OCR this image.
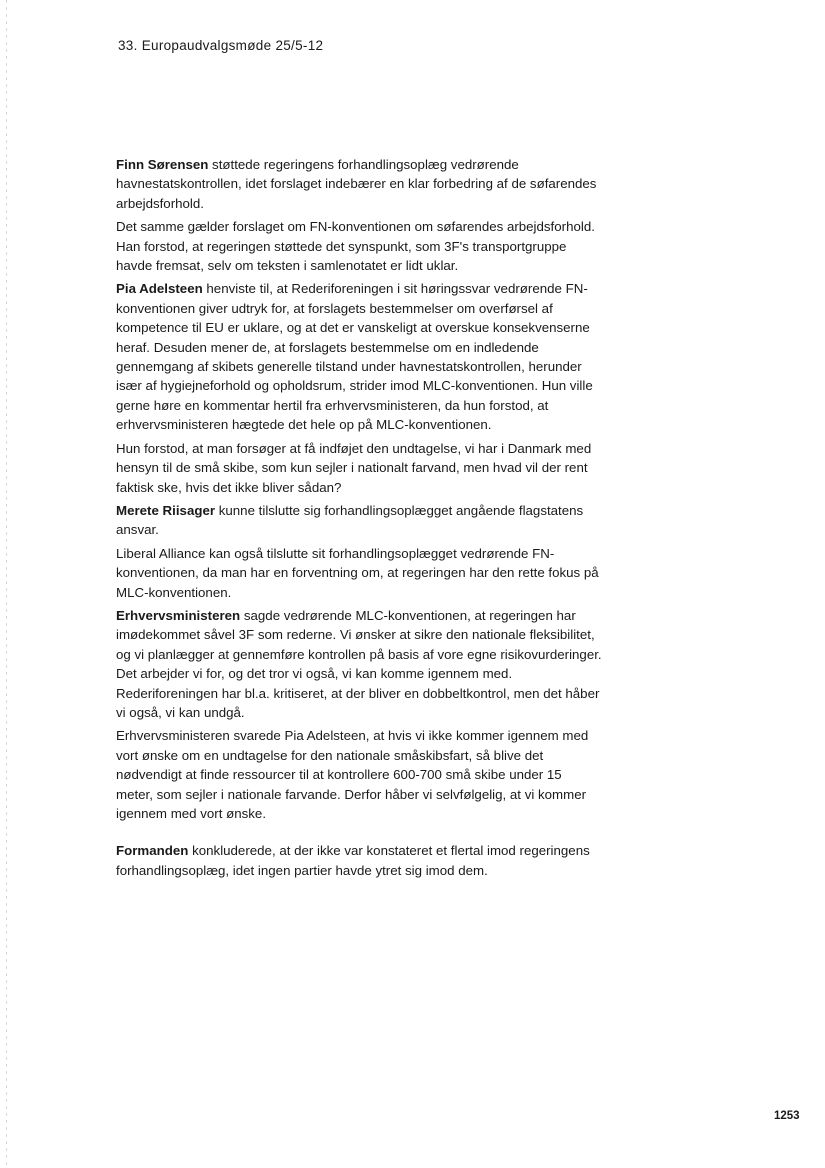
33. Europaudvalgsmøde 25/5-12

Finn Sørensen støttede regeringens forhandlingsoplæg vedrørende havnestatskontrollen, idet forslaget indebærer en klar forbedring af de søfarendes arbejdsforhold.

Det samme gælder forslaget om FN-konventionen om søfarendes arbejdsforhold. Han forstod, at regeringen støttede det synspunkt, som 3F's transportgruppe havde fremsat, selv om teksten i samlenotatet er lidt uklar.

Pia Adelsteen henviste til, at Rederiforeningen i sit høringssvar vedrørende FN-konventionen giver udtryk for, at forslagets bestemmelser om overførsel af kompetence til EU er uklare, og at det er vanskeligt at overskue konsekvenserne heraf. Desuden mener de, at forslagets bestemmelse om en indledende gennemgang af skibets generelle tilstand under havnestatskontrollen, herunder især af hygiejneforhold og opholdsrum, strider imod MLC-konventionen. Hun ville gerne høre en kommentar hertil fra erhvervsministeren, da hun forstod, at erhvervsministeren hægtede det hele op på MLC-konventionen.

Hun forstod, at man forsøger at få indføjet den undtagelse, vi har i Danmark med hensyn til de små skibe, som kun sejler i nationalt farvand, men hvad vil der rent faktisk ske, hvis det ikke bliver sådan?

Merete Riisager kunne tilslutte sig forhandlingsoplægget angående flagstatens ansvar.

Liberal Alliance kan også tilslutte sit forhandlingsoplægget vedrørende FN-konventionen, da man har en forventning om, at regeringen har den rette fokus på MLC-konventionen.

Erhvervsministeren sagde vedrørende MLC-konventionen, at regeringen har imødekommet såvel 3F som rederne. Vi ønsker at sikre den nationale fleksibilitet, og vi planlægger at gennemføre kontrollen på basis af vore egne risikovurderinger. Det arbejder vi for, og det tror vi også, vi kan komme igennem med. Rederiforeningen har bl.a. kritiseret, at der bliver en dobbeltkontrol, men det håber vi også, vi kan undgå.

Erhvervsministeren svarede Pia Adelsteen, at hvis vi ikke kommer igennem med vort ønske om en undtagelse for den nationale småskibsfart, så blive det nødvendigt at finde ressourcer til at kontrollere 600-700 små skibe under 15 meter, som sejler i nationale farvande. Derfor håber vi selvfølgelig, at vi kommer igennem med vort ønske.

Formanden konkluderede, at der ikke var konstateret et flertal imod regeringens forhandlingsoplæg, idet ingen partier havde ytret sig imod dem.

1253
